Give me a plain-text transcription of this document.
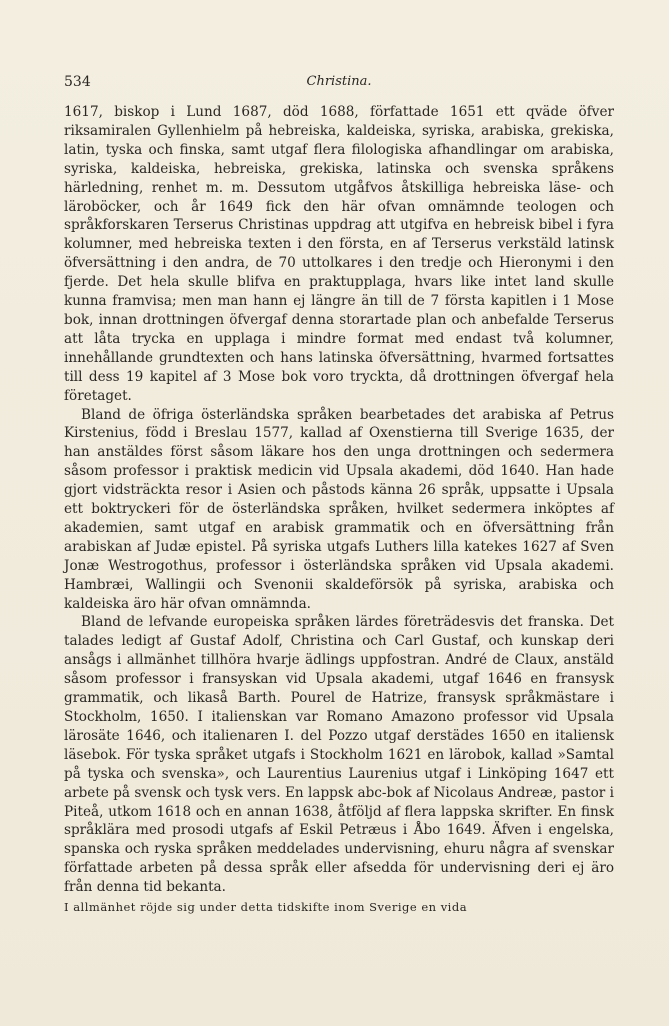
534	Christina.

1617, biskop i Lund 1687, död 1688, författade 1651 ett qväde öfver riksamiralen Gyllenhielm på hebreiska, kaldeiska, syriska, arabiska, grekiska, latin, tyska och finska, samt utgaf flera filologiska afhandlingar om arabiska, syriska, kaldeiska, hebreiska, grekiska, latinska och svenska språkens härledning, renhet m. m. Dessutom utgåfvos åtskilliga hebreiska läse- och läroböcker, och år 1649 fick den här ofvan omnämnde teologen och språkforskaren Terserus Christinas uppdrag att utgifva en hebreisk bibel i fyra kolumner, med hebreiska texten i den första, en af Terserus verkstäld latinsk öfversättning i den andra, de 70 uttolkares i den tredje och Hieronymi i den fjerde. Det hela skulle blifva en praktupplaga, hvars like intet land skulle kunna framvisa; men man hann ej längre än till de 7 första kapitlen i 1 Mose bok, innan drottningen öfvergaf denna storartade plan och anbefalde Terserus att låta trycka en upplaga i mindre format med endast två kolumner, innehållande grundtexten och hans latinska öfversättning, hvarmed fortsattes till dess 19 kapitel af 3 Mose bok voro tryckta, då drottningen öfvergaf hela företaget.

Bland de öfriga österländska språken bearbetades det arabiska af Petrus Kirstenius, född i Breslau 1577, kallad af Oxenstierna till Sverige 1635, der han anstäldes först såsom läkare hos den unga drottningen och sedermera såsom professor i praktisk medicin vid Upsala akademi, död 1640. Han hade gjort vidsträckta resor i Asien och påstods känna 26 språk, uppsatte i Upsala ett boktryckeri för de österländska språken, hvilket sedermera inköptes af akademien, samt utgaf en arabisk grammatik och en öfversättning från arabiskan af Judæ epistel. På syriska utgafs Luthers lilla katekes 1627 af Sven Jonæ Westrogothus, professor i österländska språken vid Upsala akademi. Hambræi, Wallingii och Svenonii skaldeförsök på syriska, arabiska och kaldeiska äro här ofvan omnämnda.

Bland de lefvande europeiska språken lärdes företrädesvis det franska. Det talades ledigt af Gustaf Adolf, Christina och Carl Gustaf, och kunskap deri ansågs i allmänhet tillhöra hvarje ädlings uppfostran. André de Claux, anstäld såsom professor i fransyskan vid Upsala akademi, utgaf 1646 en fransysk grammatik, och likaså Barth. Pourel de Hatrize, fransysk språkmästare i Stockholm, 1650. I italienskan var Romano Amazono professor vid Upsala lärosäte 1646, och italienaren I. del Pozzo utgaf derstädes 1650 en italiensk läsebok. För tyska språket utgafs i Stockholm 1621 en lärobok, kallad »Samtal på tyska och svenska», och Laurentius Laurenius utgaf i Linköping 1647 ett arbete på svensk och tysk vers. En lappsk abc-bok af Nicolaus Andreæ, pastor i Piteå, utkom 1618 och en annan 1638, åtföljd af flera lappska skrifter. En finsk språklära med prosodi utgafs af Eskil Petræus i Åbo 1649. Äfven i engelska, spanska och ryska språken meddelades undervisning, ehuru några af svenskar författade arbeten på dessa språk eller afsedda för undervisning deri ej äro från denna tid bekanta.

I allmänhet röjde sig under detta tidskifte inom Sverige en vida
